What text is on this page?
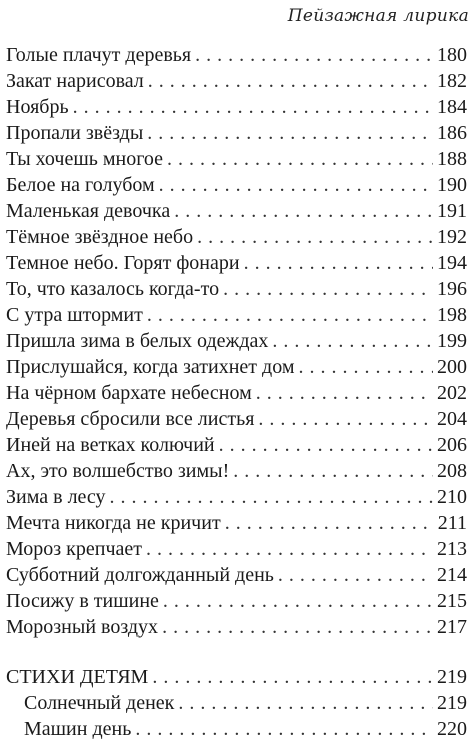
Пейзажная лирика
Голые плачут деревья . . .	180
Закат нарисовал . . .	182
Ноябрь . . .	184
Пропали звёзды . . .	186
Ты хочешь многое . . .	188
Белое на голубом . . .	190
Маленькая девочка . . .	191
Тёмное звёздное небо . . .	192
Темное небо. Горят фонари . . .	194
То, что казалось когда-то . . .	196
С утра штормит . . .	198
Пришла зима в белых одеждах . . .	199
Прислушайся, когда затихнет дом . . .	200
На чёрном бархате небесном . . .	202
Деревья сбросили все листья . . .	204
Иней на ветках колючий . . .	206
Ах, это волшебство зимы! . . .	208
Зима в лесу . . .	210
Мечта никогда не кричит . . .	211
Мороз крепчает . . .	213
Субботний долгожданный день . . .	214
Посижу в тишине . . .	215
Морозный воздух . . .	217
СТИХИ ДЕТЯМ . . .	219
Солнечный денек . . .	219
Машин день . . .	220
